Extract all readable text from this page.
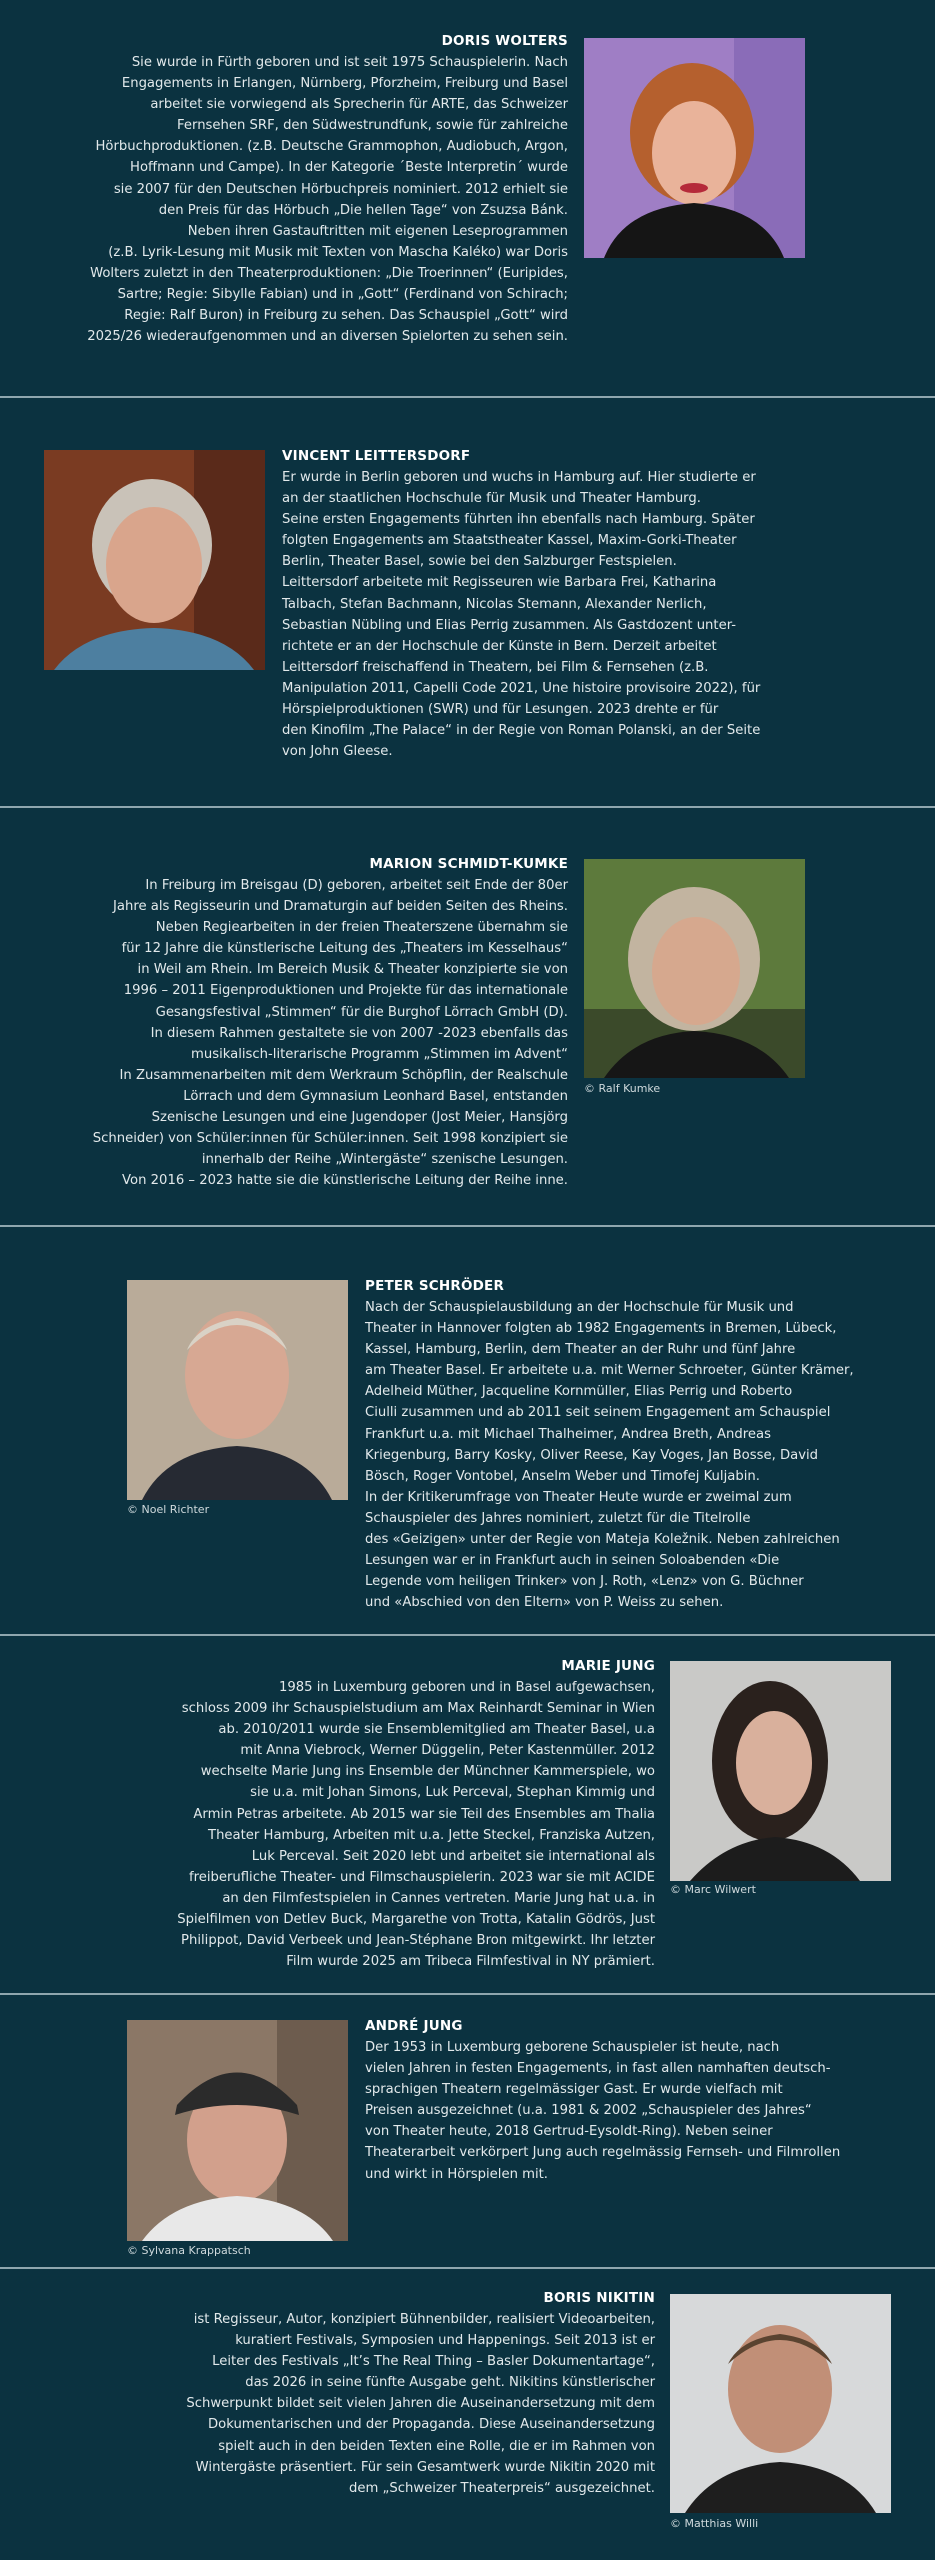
DORIS WOLTERS

Sie wurde in Fürth geboren und ist seit 1975 Schauspielerin. Nach
Engagements in Erlangen, Nürnberg, Pforzheim, Freiburg und Basel
arbeitet sie vorwiegend als Sprecherin für ARTE, das Schweizer
Fernsehen SRF, den Südwestrundfunk, sowie für zahlreiche
Hörbuchproduktionen. (z.B. Deutsche Grammophon, Audiobuch, Argon,
Hoffmann und Campe). In der Kategorie ´Beste Interpretin´ wurde
sie 2007 für den Deutschen Hörbuchpreis nominiert. 2012 erhielt sie
den Preis für das Hörbuch „Die hellen Tage“ von Zsuzsa Bánk.
Neben ihren Gastauftritten mit eigenen Leseprogrammen
(z.B. Lyrik-Lesung mit Musik mit Texten von Mascha Kaléko) war Doris
Wolters zuletzt in den Theaterproduktionen: „Die Troerinnen“ (Euripides,
Sartre; Regie: Sibylle Fabian) und in „Gott“ (Ferdinand von Schirach;
Regie: Ralf Buron) in Freiburg zu sehen. Das Schauspiel „Gott“ wird
2025/26 wiederaufgenommen und an diversen Spielorten zu sehen sein.

VINCENT LEITTERSDORF

Er wurde in Berlin geboren und wuchs in Hamburg auf. Hier studierte er
an der staatlichen Hochschule für Musik und Theater Hamburg.
Seine ersten Engagements führten ihn ebenfalls nach Hamburg. Später
folgten Engagements am Staatstheater Kassel, Maxim-Gorki-Theater
Berlin, Theater Basel, sowie bei den Salzburger Festspielen.
Leittersdorf arbeitete mit Regisseuren wie Barbara Frei, Katharina
Talbach, Stefan Bachmann, Nicolas Stemann, Alexander Nerlich,
Sebastian Nübling und Elias Perrig zusammen. Als Gastdozent unter-
richtete er an der Hochschule der Künste in Bern. Derzeit arbeitet
Leittersdorf freischaffend in Theatern, bei Film & Fernsehen (z.B.
Manipulation 2011, Capelli Code 2021, Une histoire provisoire 2022), für
Hörspielproduktionen (SWR) und für Lesungen. 2023 drehte er für
den Kinofilm „The Palace“ in der Regie von Roman Polanski, an der Seite
von John Gleese.

MARION SCHMIDT-KUMKE

In Freiburg im Breisgau (D) geboren, arbeitet seit Ende der 80er
Jahre als Regisseurin und Dramaturgin auf beiden Seiten des Rheins.
Neben Regiearbeiten in der freien Theaterszene übernahm sie
für 12 Jahre die künstlerische Leitung des „Theaters im Kesselhaus“
in Weil am Rhein. Im Bereich Musik & Theater konzipierte sie von
1996 – 2011 Eigenproduktionen und Projekte für das internationale
Gesangsfestival „Stimmen“ für die Burghof Lörrach GmbH (D).
In diesem Rahmen gestaltete sie von 2007 -2023 ebenfalls das
musikalisch-literarische Programm „Stimmen im Advent“
In Zusammenarbeiten mit dem Werkraum Schöpflin, der Realschule
Lörrach und dem Gymnasium Leonhard Basel, entstanden
Szenische Lesungen und eine Jugendoper (Jost Meier, Hansjörg
Schneider) von Schüler:innen für Schüler:innen. Seit 1998 konzipiert sie
innerhalb der Reihe „Wintergäste“ szenische Lesungen.
Von 2016 – 2023 hatte sie die künstlerische Leitung der Reihe inne.

© Ralf Kumke
© Noel Richter
PETER SCHRÖDER

Nach der Schauspielausbildung an der Hochschule für Musik und
Theater in Hannover folgten ab 1982 Engagements in Bremen, Lübeck,
Kassel, Hamburg, Berlin, dem Theater an der Ruhr und fünf Jahre
am Theater Basel. Er arbeitete u.a. mit Werner Schroeter, Günter Krämer,
Adelheid Müther, Jacqueline Kornmüller, Elias Perrig und Roberto
Ciulli zusammen und ab 2011 seit seinem Engagement am Schauspiel
Frankfurt u.a. mit Michael Thalheimer, Andrea Breth, Andreas
Kriegenburg, Barry Kosky, Oliver Reese, Kay Voges, Jan Bosse, David
Bösch, Roger Vontobel, Anselm Weber und Timofej Kuljabin.
In der Kritikerumfrage von Theater Heute wurde er zweimal zum
Schauspieler des Jahres nominiert, zuletzt für die Titelrolle
des «Geizigen» unter der Regie von Mateja Koležnik. Neben zahlreichen
Lesungen war er in Frankfurt auch in seinen Soloabenden «Die
Legende vom heiligen Trinker» von J. Roth, «Lenz» von G. Büchner
und «Abschied von den Eltern» von P. Weiss zu sehen.

MARIE JUNG

1985 in Luxemburg geboren und in Basel aufgewachsen,
schloss 2009 ihr Schauspielstudium am Max Reinhardt Seminar in Wien
ab. 2010/2011 wurde sie Ensemblemitglied am Theater Basel, u.a
mit Anna Viebrock, Werner Düggelin, Peter Kastenmüller. 2012
wechselte Marie Jung ins Ensemble der Münchner Kammerspiele, wo
sie u.a. mit Johan Simons, Luk Perceval, Stephan Kimmig und
Armin Petras arbeitete. Ab 2015 war sie Teil des Ensembles am Thalia
Theater Hamburg, Arbeiten mit u.a. Jette Steckel, Franziska Autzen,
Luk Perceval. Seit 2020 lebt und arbeitet sie international als
freiberufliche Theater- und Filmschauspielerin. 2023 war sie mit ACIDE
an den Filmfestspielen in Cannes vertreten. Marie Jung hat u.a. in
Spielfilmen von Detlev Buck, Margarethe von Trotta, Katalin Gödrös, Just
Philippot, David Verbeek und Jean-Stéphane Bron mitgewirkt. Ihr letzter
Film wurde 2025 am Tribeca Filmfestival in NY prämiert.

© Marc Wilwert
© Sylvana Krappatsch
ANDRÉ JUNG

Der 1953 in Luxemburg geborene Schauspieler ist heute, nach
vielen Jahren in festen Engagements, in fast allen namhaften deutsch-
sprachigen Theatern regelmässiger Gast. Er wurde vielfach mit
Preisen ausgezeichnet (u.a. 1981 & 2002 „Schauspieler des Jahres“
von Theater heute, 2018 Gertrud-Eysoldt-Ring). Neben seiner
Theaterarbeit verkörpert Jung auch regelmässig Fernseh- und Filmrollen
und wirkt in Hörspielen mit.

BORIS NIKITIN

ist Regisseur, Autor, konzipiert Bühnenbilder, realisiert Videoarbeiten,
kuratiert Festivals, Symposien und Happenings. Seit 2013 ist er
Leiter des Festivals „It’s The Real Thing – Basler Dokumentartage“,
das 2026 in seine fünfte Ausgabe geht. Nikitins künstlerischer
Schwerpunkt bildet seit vielen Jahren die Auseinandersetzung mit dem
Dokumentarischen und der Propaganda. Diese Auseinandersetzung
spielt auch in den beiden Texten eine Rolle, die er im Rahmen von
Wintergäste präsentiert. Für sein Gesamtwerk wurde Nikitin 2020 mit
dem „Schweizer Theaterpreis“ ausgezeichnet.

© Matthias Willi
